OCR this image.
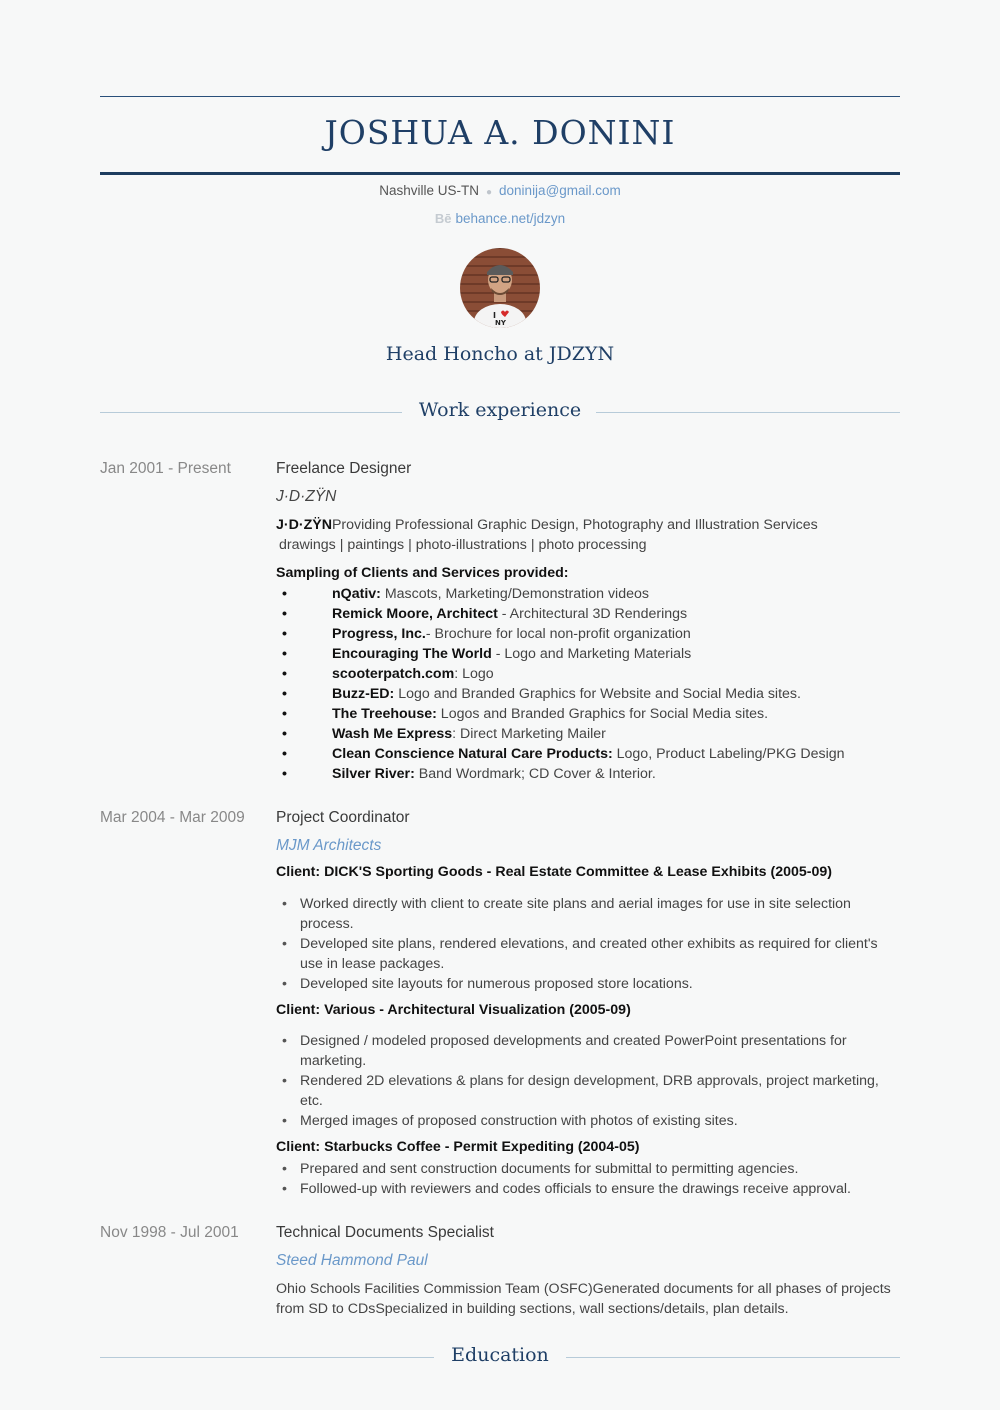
JOSHUA A. DONINI
Nashville US-TN ● doninija@gmail.com
Bē behance.net/jdzyn
I
NY
Head Honcho at JDZYN
Work experience
Jan 2001 - Present	Freelance Designer
J·D·ZŸN

J·D·ZŸNProviding Professional Graphic Design, Photography and Illustration Services
drawings | paintings | photo-illustrations | photo processing

Sampling of Clients and Services provided:
• nQativ: Mascots, Marketing/Demonstration videos
• Remick Moore, Architect - Architectural 3D Renderings
• Progress, Inc.- Brochure for local non-profit organization
• Encouraging The World - Logo and Marketing Materials
• scooterpatch.com: Logo
• Buzz-ED: Logo and Branded Graphics for Website and Social Media sites.
• The Treehouse: Logos and Branded Graphics for Social Media sites.
• Wash Me Express: Direct Marketing Mailer
• Clean Conscience Natural Care Products: Logo, Product Labeling/PKG Design
• Silver River: Band Wordmark; CD Cover & Interior.
Mar 2004 - Mar 2009 Project Coordinator
MJM Architects
Client: DICK'S Sporting Goods - Real Estate Committee & Lease Exhibits (2005-09)
• Worked directly with client to create site plans and aerial images for use in site selection process.
• Developed site plans, rendered elevations, and created other exhibits as required for client's use in lease packages.
• Developed site layouts for numerous proposed store locations.
Client: Various - Architectural Visualization (2005-09)
• Designed / modeled proposed developments and created PowerPoint presentations for marketing.
• Rendered 2D elevations & plans for design development, DRB approvals, project marketing, etc.
• Merged images of proposed construction with photos of existing sites.
Client: Starbucks Coffee - Permit Expediting (2004-05)
• Prepared and sent construction documents for submittal to permitting agencies.
• Followed-up with reviewers and codes officials to ensure the drawings receive approval.
Nov 1998 - Jul 2001 Technical Documents Specialist
Steed Hammond Paul

Ohio Schools Facilities Commission Team (OSFC)Generated documents for all phases of projects from SD to CDsSpecialized in building sections, wall sections/details, plan details.

Education
